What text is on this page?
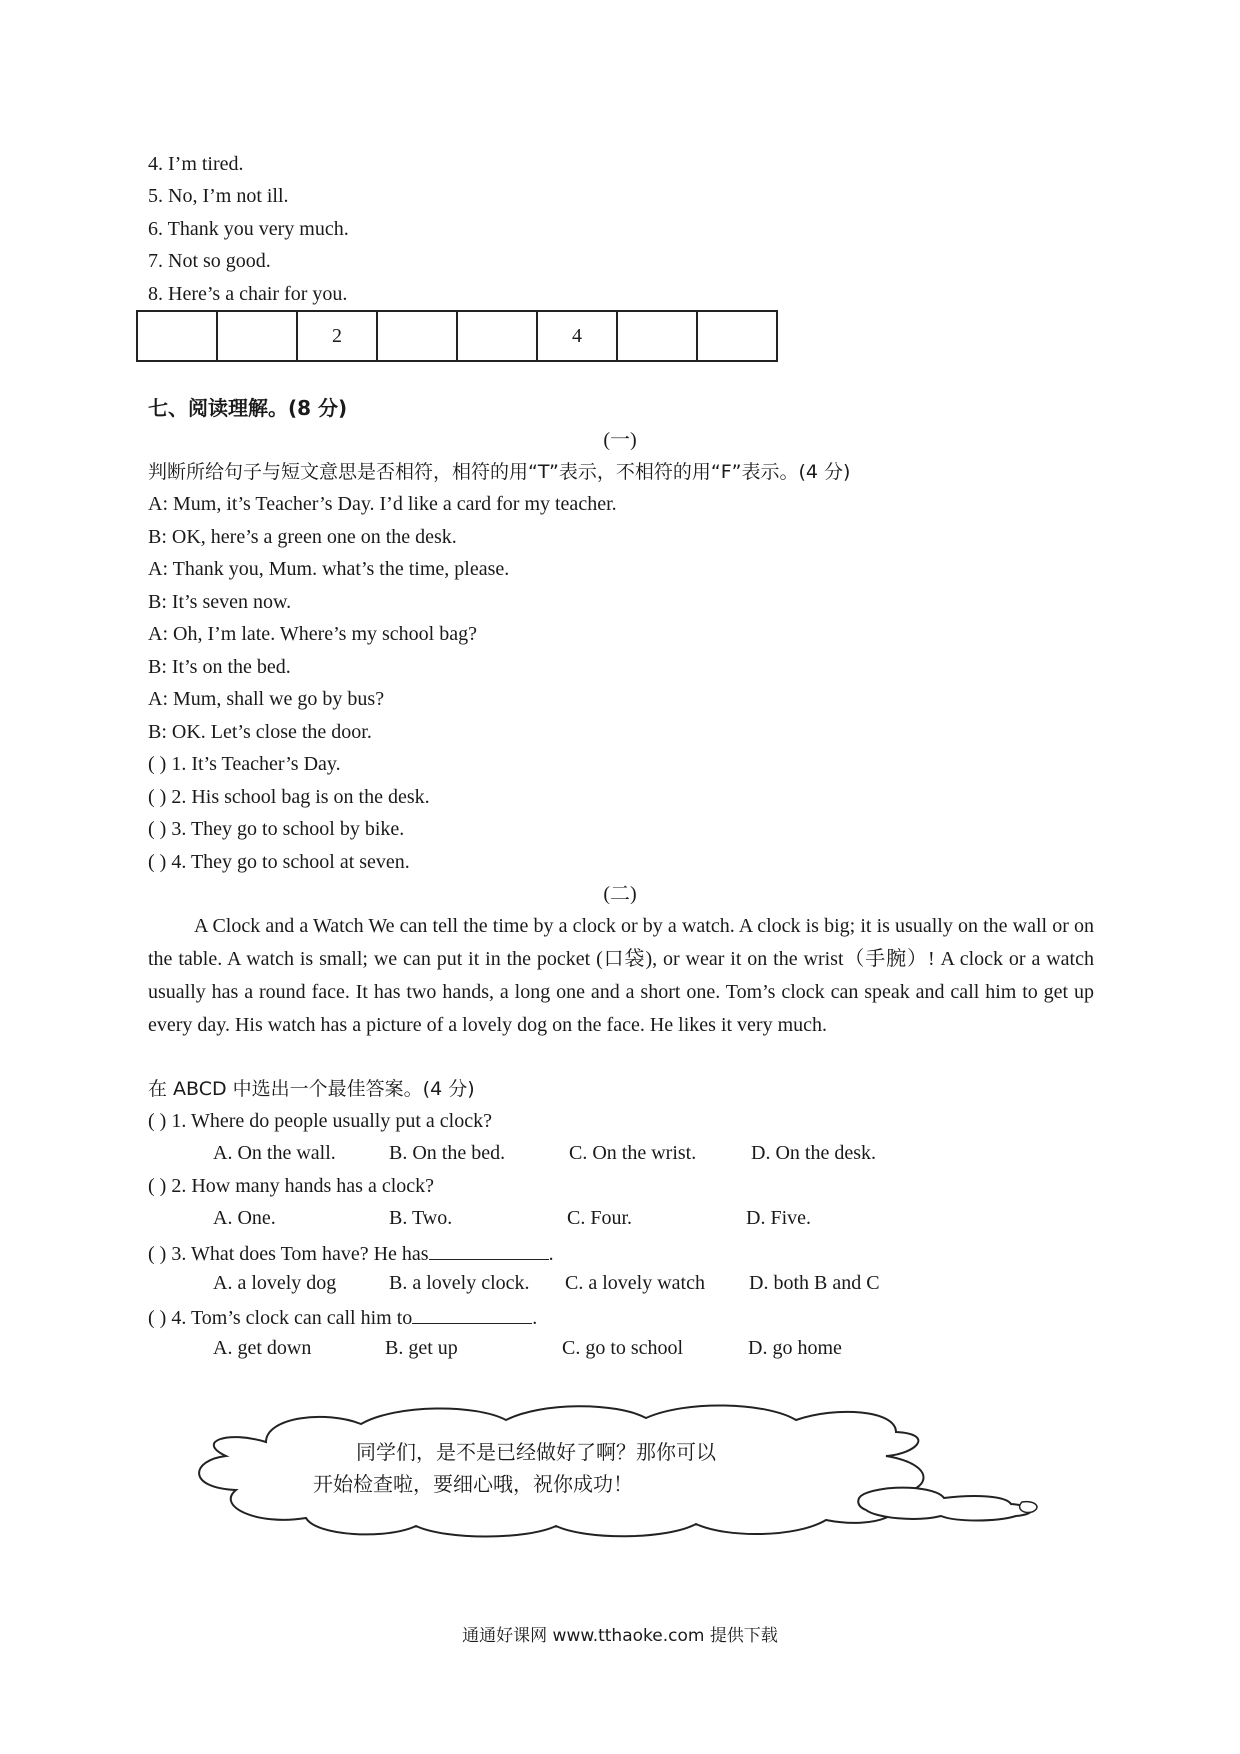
4. I’m tired.
5. No, I’m not ill.
6. Thank you very much.
7. Not so good.
8. Here’s a chair for you.
		2			4		
七、阅读理解。(8 分)
(一)
判断所给句子与短文意思是否相符，相符的用“T”表示，不相符的用“F”表示。(4 分)
A: Mum, it’s Teacher’s Day. I’d like a card for my teacher.
B: OK, here’s a green one on the desk.
A: Thank you, Mum. what’s the time, please.
B: It’s seven now.
A: Oh, I’m late. Where’s my school bag?
B: It’s on the bed.
A: Mum, shall we go by bus?
B: OK. Let’s close the door.
( ) 1. It’s Teacher’s Day.
( ) 2. His school bag is on the desk.
( ) 3. They go to school by bike.
( ) 4. They go to school at seven.
(二)
A Clock and a Watch We can tell the time by a clock or by a watch. A clock is big; it is usually on the wall or on the table. A watch is small; we can put it in the pocket (口袋), or wear it on the wrist（手腕）! A clock or a watch usually has a round face. It has two hands, a long one and a short one. Tom’s clock can speak and call him to get up every day. His watch has a picture of a lovely dog on the face. He likes it very much.
在 ABCD 中选出一个最佳答案。(4 分)
( ) 1. Where do people usually put a clock?
A. On the wall.	B. On the bed.	C. On the wrist.	D. On the desk.
( ) 2. How many hands has a clock?
A. One.	B. Two.	C. Four.	D. Five.
( ) 3. What does Tom have? He has	.
A. a lovely dog	B. a lovely clock. C. a lovely watch D. both B and C
( ) 4. Tom’s clock can call him to	.
A. get down	B. get up	C. go to school	D. go home
同学们，是不是已经做好了啊？那你可以
开始检查啦，要细心哦，祝你成功！
通通好课网 www.tthaoke.com 提供下载
